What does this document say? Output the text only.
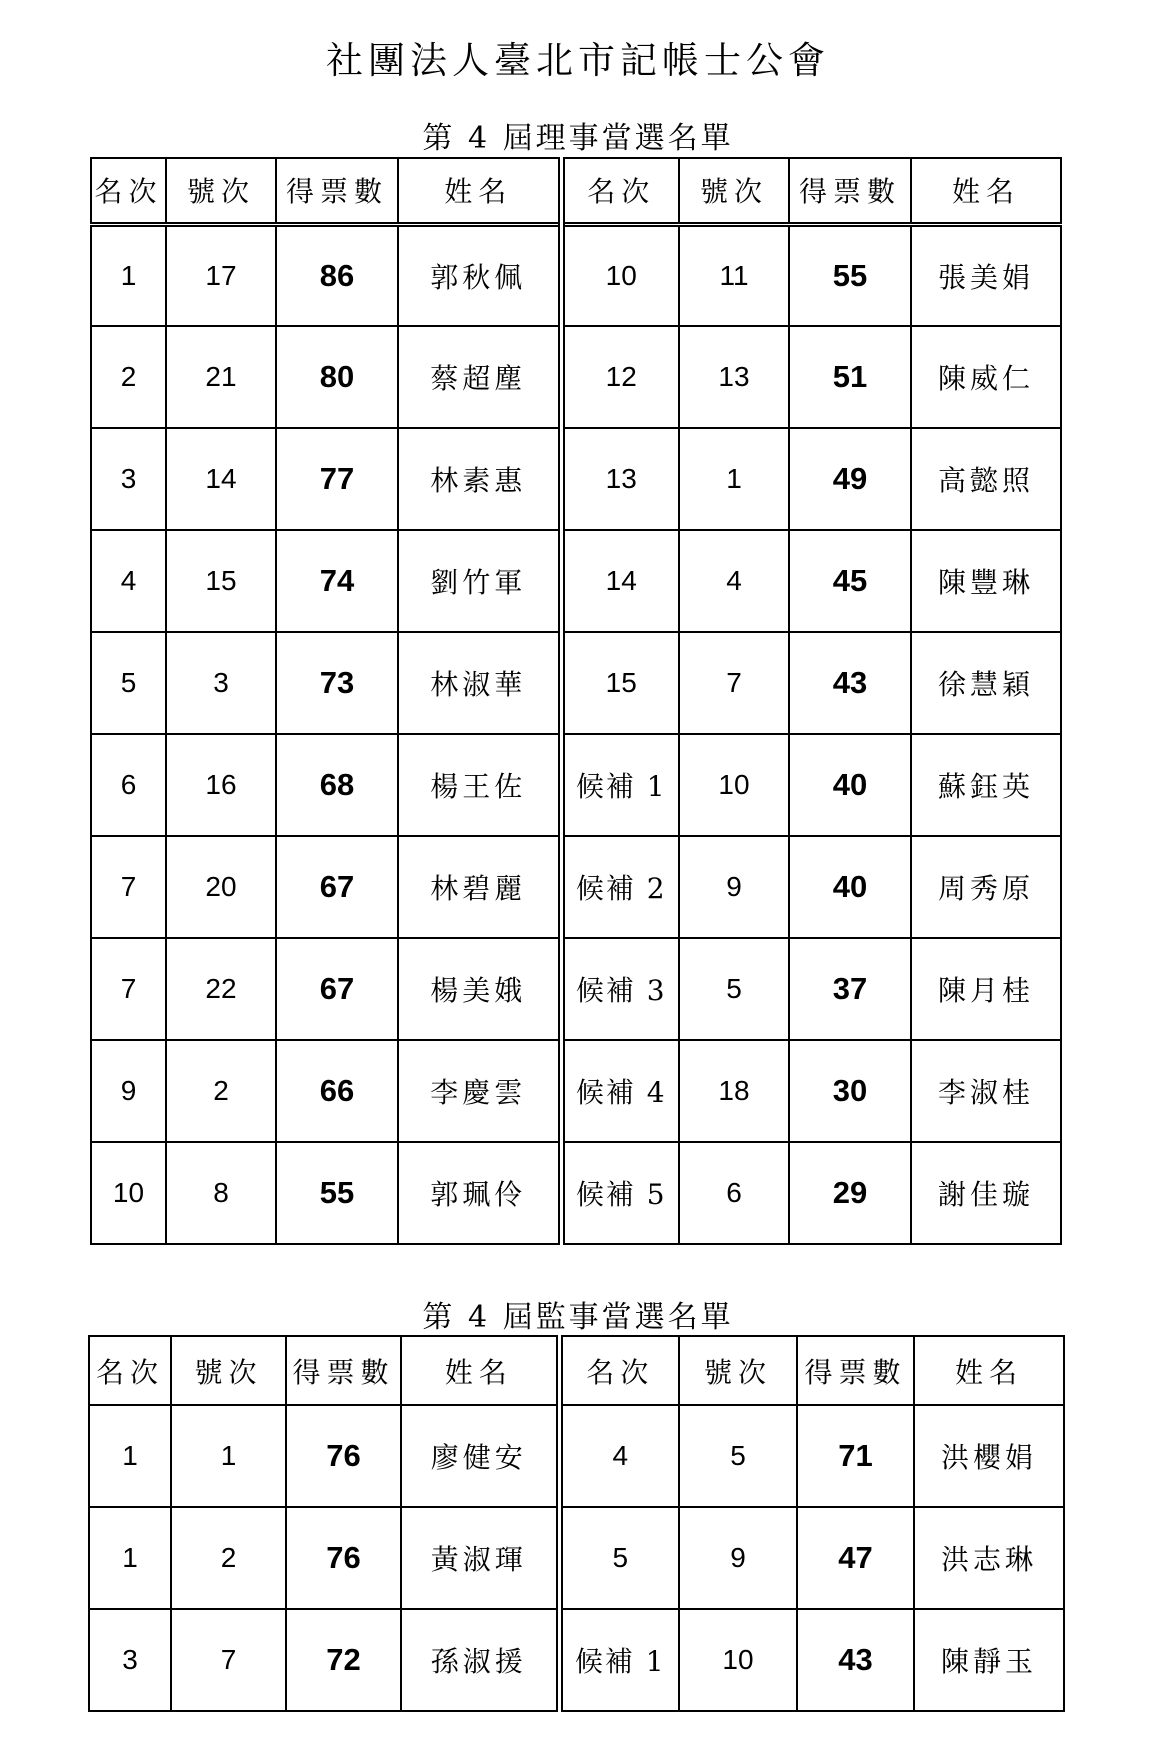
社團法人臺北市記帳士公會
第 4 屆理事當選名單
名次	號次	得票數	姓名	名次	號次	得票數	姓名
1	17	86	郭秋佩	10	11	55	張美娟
2	21	80	蔡超塵	12	13	51	陳威仁
3	14	77	林素惠	13	1	49	高懿照
4	15	74	劉竹軍	14	4	45	陳豐琳
5	3	73	林淑華	15	7	43	徐慧穎
6	16	68	楊王佐	候補 1	10	40	蘇鈺英
7	20	67	林碧麗	候補 2	9	40	周秀原
7	22	67	楊美娥	候補 3	5	37	陳月桂
9	2	66	李慶雲	候補 4	18	30	李淑桂
10	8	55	郭珮伶	候補 5	6	29	謝佳璇
第 4 屆監事當選名單
名次	號次	得票數	姓名	名次	號次	得票數	姓名
1	1	76	廖健安	4	5	71	洪櫻娟
1	2	76	黃淑琿	5	9	47	洪志琳
3	7	72	孫淑援	候補 1	10	43	陳靜玉
